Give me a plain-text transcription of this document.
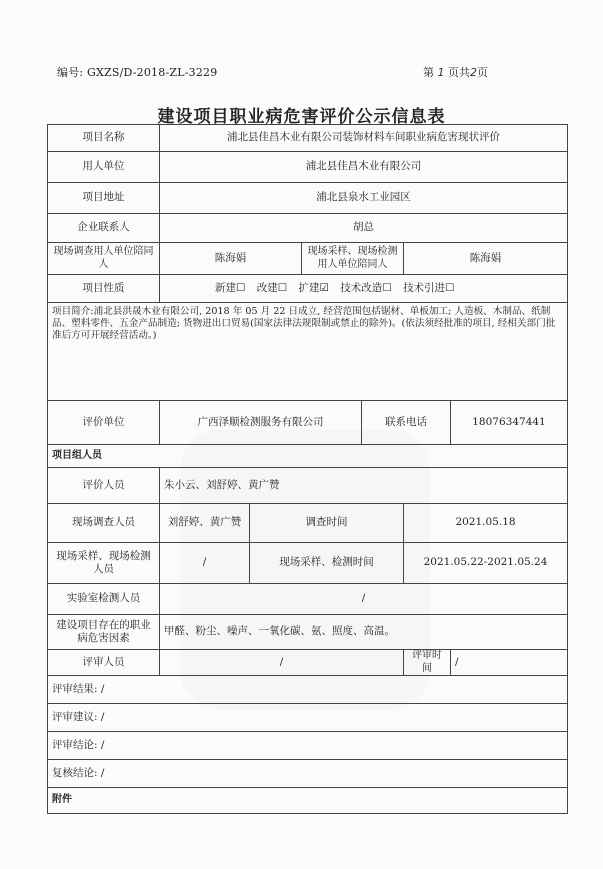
编号: GXZS/D-2018-ZL-3229	第 1 页共2页
建设项目职业病危害评价公示信息表
项目名称	浦北县佳昌木业有限公司装饰材料车间职业病危害现状评价					
用人单位	浦北县佳昌木业有限公司					
项目地址	浦北县泉水工业园区					
企业联系人	胡总					
现场调查用人单位陪同人	陈海娟		现场采样、现场检测用人单位陪同人		陈海娟	
项目性质	新建☐ 改建☐ 扩建☑ 技术改造☐ 技术引进☐					
项目简介:浦北县洪晟木业有限公司, 2018 年 05 月 22 日成立, 经营范围包括锯材、单板加工; 人造板、木制品、纸制品、塑料零件、五金产品制造; 货物进出口贸易(国家法律法规限制或禁止的除外)。(依法须经批准的项目, 经相关部门批准后方可开展经营活动。)						
评价单位	广西泽顺检测服务有限公司			联系电话		18076347441
项目组人员						
评价人员	朱小云、刘舒婷、黄广赞					
现场调查人员	刘舒婷、黄广赞	调查时间			2021.05.18	
现场采样、现场检测人员	/	现场采样、检测时间			2021.05.22-2021.05.24	
实验室检测人员	/					
建设项目存在的职业病危害因素	甲醛、粉尘、噪声、一氧化碳、氨、照度、高温。					
评审人员	/				评审时间	/
评审结果: /						
评审建议: /						
评审结论: /						
复核结论: /						
附件						
